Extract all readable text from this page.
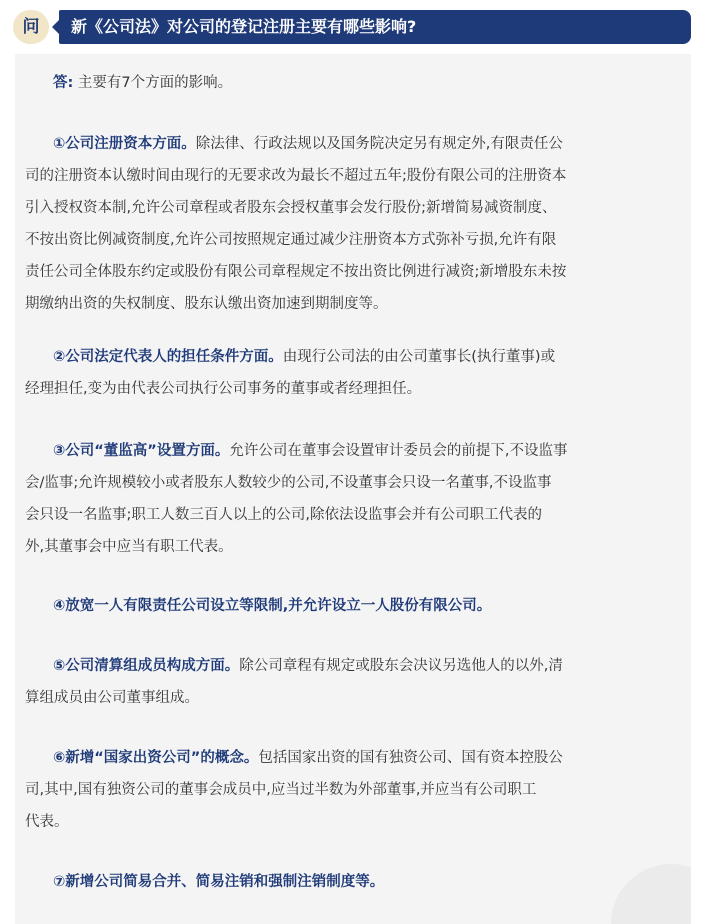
问	新《公司法》对公司的登记注册主要有哪些影响?
答: 主要有7个方面的影响。
①公司注册资本方面。除法律、行政法规以及国务院决定另有规定外,有限责任公
司的注册资本认缴时间由现行的无要求改为最长不超过五年;股份有限公司的注册资本
引入授权资本制,允许公司章程或者股东会授权董事会发行股份;新增简易减资制度、
不按出资比例减资制度,允许公司按照规定通过减少注册资本方式弥补亏损,允许有限
责任公司全体股东约定或股份有限公司章程规定不按出资比例进行减资;新增股东未按
期缴纳出资的失权制度、股东认缴出资加速到期制度等。
②公司法定代表人的担任条件方面。由现行公司法的由公司董事长(执行董事)或
经理担任,变为由代表公司执行公司事务的董事或者经理担任。
③公司“董监高”设置方面。允许公司在董事会设置审计委员会的前提下,不设监事
会/监事;允许规模较小或者股东人数较少的公司,不设董事会只设一名董事,不设监事
会只设一名监事;职工人数三百人以上的公司,除依法设监事会并有公司职工代表的
外,其董事会中应当有职工代表。
④放宽一人有限责任公司设立等限制,并允许设立一人股份有限公司。
⑤公司清算组成员构成方面。除公司章程有规定或股东会决议另选他人的以外,清
算组成员由公司董事组成。
⑥新增“国家出资公司”的概念。包括国家出资的国有独资公司、国有资本控股公
司,其中,国有独资公司的董事会成员中,应当过半数为外部董事,并应当有公司职工
代表。
⑦新增公司简易合并、简易注销和强制注销制度等。
